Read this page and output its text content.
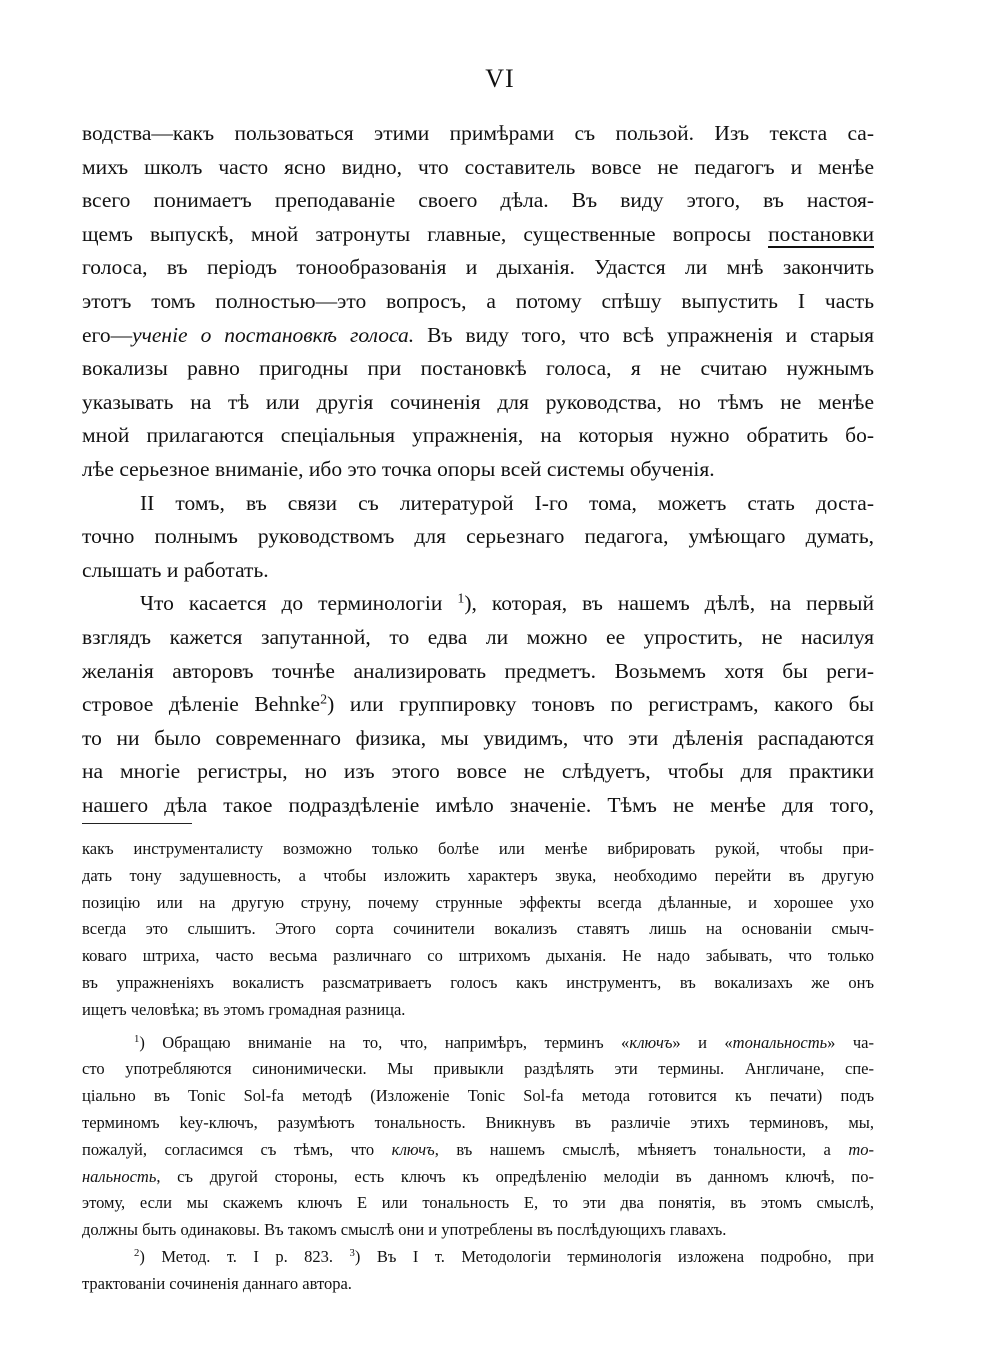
VI
водства—какъ пользоваться этими примѣрами съ пользой. Изъ текста са-
михъ школъ часто ясно видно, что составитель вовсе не педагогъ и менѣе
всего понимаетъ преподаванiе своего дѣла. Въ виду этого, въ настоя-
щемъ выпускѣ, мной затронуты главные, существенные вопросы постановки
голоса, въ перiодъ тонообразованiя и дыханiя. Удастся ли мнѣ закончить
этотъ томъ полностью—это вопросъ, а потому спѣшу выпустить I часть
его—ученiе о постановкѣ голоса. Въ виду того, что всѣ упражненiя и старыя
вокализы равно пригодны при постановкѣ голоса, я не считаю нужнымъ
указывать на тѣ или другiя сочиненiя для руководства, но тѣмъ не менѣе
мной прилагаются спецiальныя упражненiя, на которыя нужно обратить бо-
лѣе серьезное вниманiе, ибо это точка опоры всей системы обученiя.
II томъ, въ связи съ литературой I-го тома, можетъ стать доста-
точно полнымъ руководствомъ для серьезнаго педагога, умѣющаго думать,
слышать и работать.
Что касается до терминологiи $^1$), которая, въ нашемъ дѣлѣ, на первый
взглядъ кажется запутанной, то едва ли можно ее упростить, не насилуя
желанiя авторовъ точнѣе анализировать предметъ. Возьмемъ хотя бы реги-
стровое дѣленiе Behnke$^2$) или группировку тоновъ по регистрамъ, какого бы
то ни было современнаго физика, мы увидимъ, что эти дѣленiя распадаются
на многiе регистры, но изъ этого вовсе не слѣдуетъ, чтобы для практики
нашего дѣла такое подраздѣленiе имѣло значенiе. Тѣмъ не менѣе для того,
какъ инструменталисту возможно только болѣе или менѣе вибрировать рукой, чтобы при-
дать тону задушевность, а чтобы изложить характеръ звука, необходимо перейти въ другую
позицiю или на другую струну, почему струнные эффекты всегда дѣланные, и хорошее ухо
всегда это слышитъ. Этого сорта сочинители вокализъ ставятъ лишь на основанiи смыч-
коваго штриха, часто весьма различнаго со штрихомъ дыханiя. Не надо забывать, что только
въ упражненiяхъ вокалистъ разсматриваетъ голосъ какъ инструментъ, въ вокализахъ же онъ
ищетъ человѣка; въ этомъ громадная разница.
$^1$) Обращаю вниманiе на то, что, напримѣръ, терминъ «ключъ» и «тональность» ча-
сто употребляются синонимически. Мы привыкли раздѣлять эти термины. Англичане, спе-
цiально въ Tonic Sol-fa методѣ (Изложенiе Tonic Sol-fa метода готовится къ печати) подъ
терминомъ key-ключъ, разумѣютъ тональность. Вникнувъ въ различiе этихъ терминовъ, мы,
пожалуй, согласимся съ тѣмъ, что ключъ, въ нашемъ смыслѣ, мѣняетъ тональности, а то-
нальность, съ другой стороны, есть ключъ къ опредѣленiю мелодiи въ данномъ ключѣ, по-
этому, если мы скажемъ ключъ E или тональность E, то эти два понятiя, въ этомъ смыслѣ,
должны быть одинаковы. Въ такомъ смыслѣ они и употреблены въ послѣдующихъ главахъ.
$^2$) Метод. т. I p. 823. $^3$) Въ I т. Методологiи терминологiя изложена подробно, при
трактованiи сочиненiя даннаго автора.
